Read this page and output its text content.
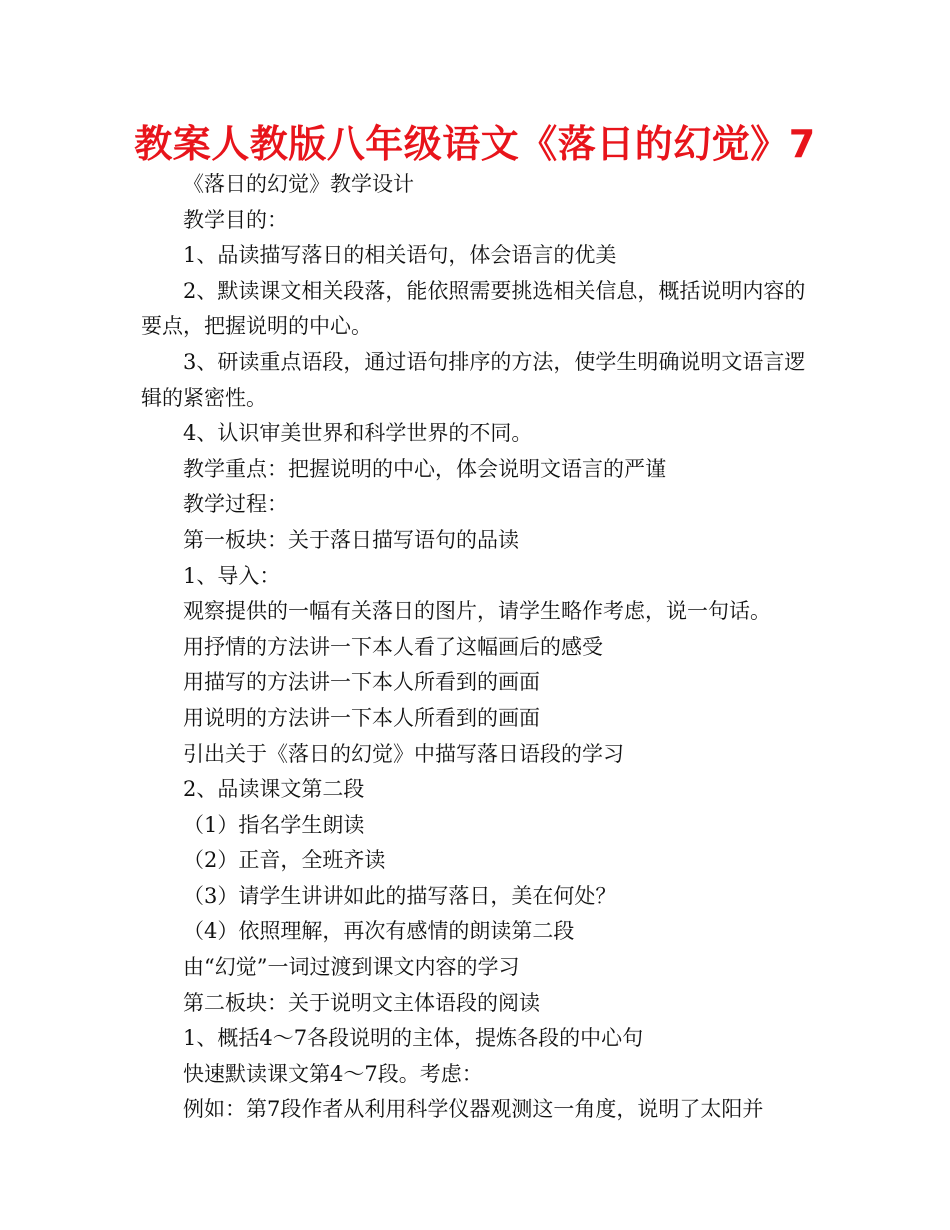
教案人教版八年级语文《落日的幻觉》7

《落日的幻觉》教学设计

教学目的：

1、品读描写落日的相关语句，体会语言的优美

2、默读课文相关段落，能依照需要挑选相关信息，概括说明内容的要点，把握说明的中心。

3、研读重点语段，通过语句排序的方法，使学生明确说明文语言逻辑的紧密性。

4、认识审美世界和科学世界的不同。

教学重点：把握说明的中心，体会说明文语言的严谨

教学过程：

第一板块：关于落日描写语句的品读

1、导入：

观察提供的一幅有关落日的图片，请学生略作考虑，说一句话。

用抒情的方法讲一下本人看了这幅画后的感受

用描写的方法讲一下本人所看到的画面

用说明的方法讲一下本人所看到的画面

引出关于《落日的幻觉》中描写落日语段的学习

2、品读课文第二段

（1）指名学生朗读

（2）正音，全班齐读

（3）请学生讲讲如此的描写落日，美在何处？

（4）依照理解，再次有感情的朗读第二段

由“幻觉”一词过渡到课文内容的学习

第二板块：关于说明文主体语段的阅读

1、概括4～7各段说明的主体，提炼各段的中心句

快速默读课文第4～7段。考虑：

例如：第7段作者从利用科学仪器观测这一角度，说明了太阳并
